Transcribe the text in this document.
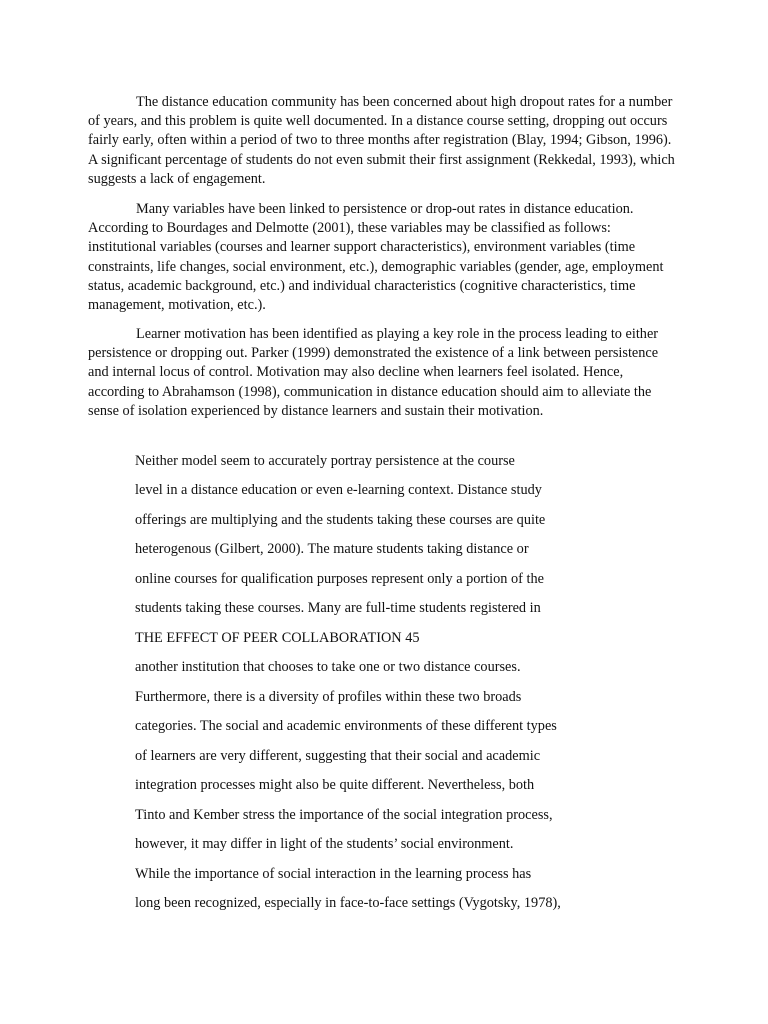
The distance education community has been concerned about high dropout rates for a number of years, and this problem is quite well documented. In a distance course setting, dropping out occurs fairly early, often within a period of two to three months after registration (Blay, 1994; Gibson, 1996). A significant percentage of students do not even submit their first assignment (Rekkedal, 1993), which suggests a lack of engagement.

Many variables have been linked to persistence or drop-out rates in distance education. According to Bourdages and Delmotte (2001), these variables may be classified as follows: institutional variables (courses and learner support characteristics), environment variables (time constraints, life changes, social environment, etc.), demographic variables (gender, age, employment status, academic background, etc.) and individual characteristics (cognitive characteristics, time management, motivation, etc.).

Learner motivation has been identified as playing a key role in the process leading to either persistence or dropping out. Parker (1999) demonstrated the existence of a link between persistence and internal locus of control. Motivation may also decline when learners feel isolated. Hence, according to Abrahamson (1998), communication in distance education should aim to alleviate the sense of isolation experienced by distance learners and sustain their motivation.

Neither model seem to accurately portray persistence at the course

level in a distance education or even e-learning context. Distance study

offerings are multiplying and the students taking these courses are quite

heterogenous (Gilbert, 2000). The mature students taking distance or

online courses for qualification purposes represent only a portion of the

students taking these courses. Many are full-time students registered in

THE EFFECT OF PEER COLLABORATION 45

another institution that chooses to take one or two distance courses.

Furthermore, there is a diversity of profiles within these two broads

categories. The social and academic environments of these different types

of learners are very different, suggesting that their social and academic

integration processes might also be quite different. Nevertheless, both

Tinto and Kember stress the importance of the social integration process,

however, it may differ in light of the students’ social environment.

While the importance of social interaction in the learning process has

long been recognized, especially in face-to-face settings (Vygotsky, 1978),
